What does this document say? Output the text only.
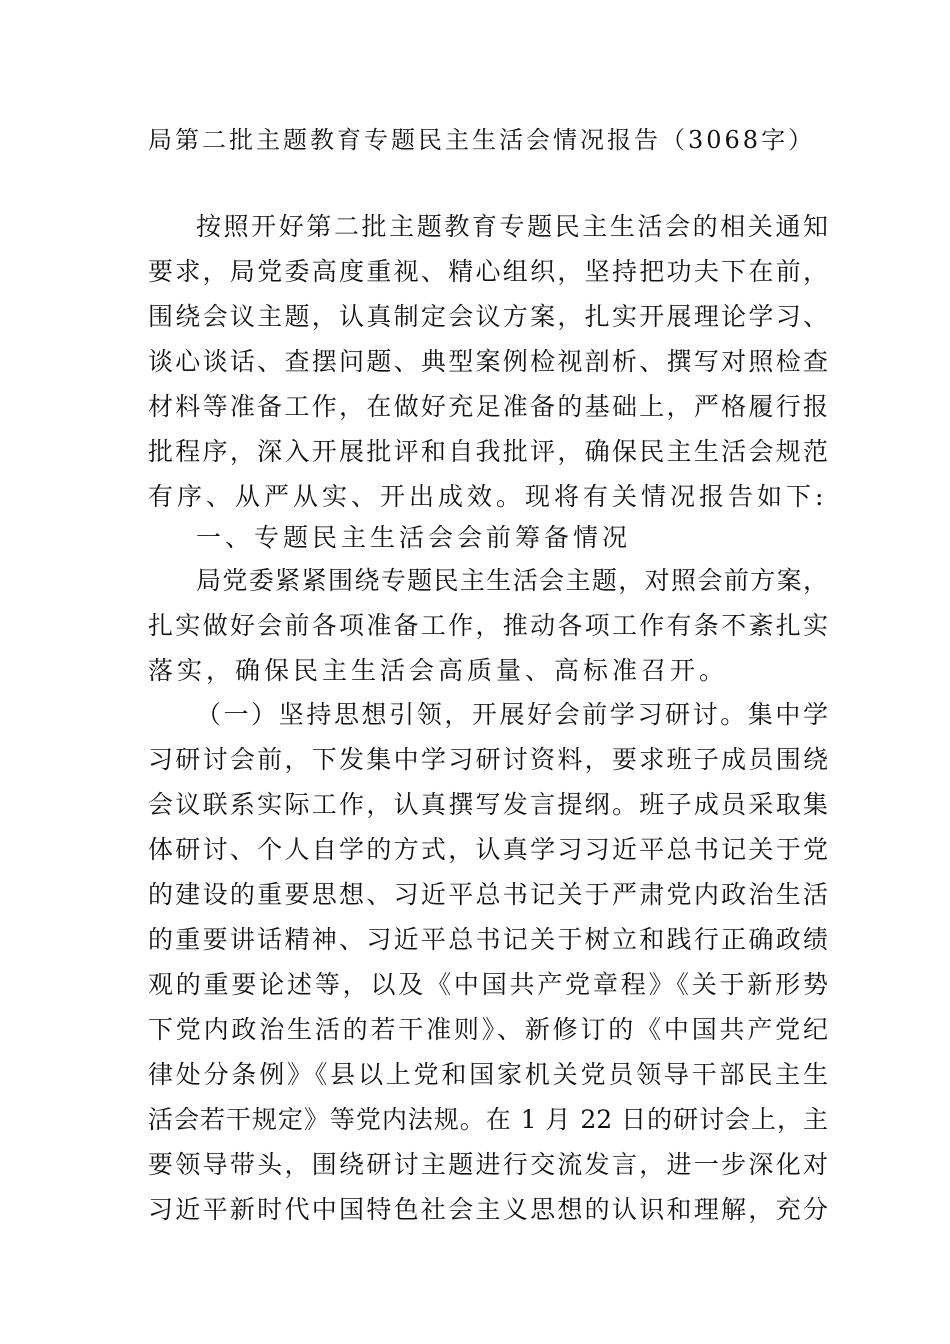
局第二批主题教育专题民主生活会情况报告（3068字）
按照开好第二批主题教育专题民主生活会的相关通知
要求，局党委高度重视、精心组织，坚持把功夫下在前，
围绕会议主题，认真制定会议方案，扎实开展理论学习、
谈心谈话、查摆问题、典型案例检视剖析、撰写对照检查
材料等准备工作，在做好充足准备的基础上，严格履行报
批程序，深入开展批评和自我批评，确保民主生活会规范
有序、从严从实、开出成效。现将有关情况报告如下:
一、专题民主生活会会前筹备情况
局党委紧紧围绕专题民主生活会主题，对照会前方案，
扎实做好会前各项准备工作，推动各项工作有条不紊扎实
落实，确保民主生活会高质量、高标准召开。
（一）坚持思想引领，开展好会前学习研讨。集中学
习研讨会前，下发集中学习研讨资料，要求班子成员围绕
会议联系实际工作，认真撰写发言提纲。班子成员采取集
体研讨、个人自学的方式，认真学习习近平总书记关于党
的建设的重要思想、习近平总书记关于严肃党内政治生活
的重要讲话精神、习近平总书记关于树立和践行正确政绩
观的重要论述等，以及《中国共产党章程》《关于新形势
下党内政治生活的若干准则》、新修订的《中国共产党纪
律处分条例》《县以上党和国家机关党员领导干部民主生
活会若干规定》等党内法规。在 1 月 22 日的研讨会上，主
要领导带头，围绕研讨主题进行交流发言，进一步深化对
习近平新时代中国特色社会主义思想的认识和理解，充分
